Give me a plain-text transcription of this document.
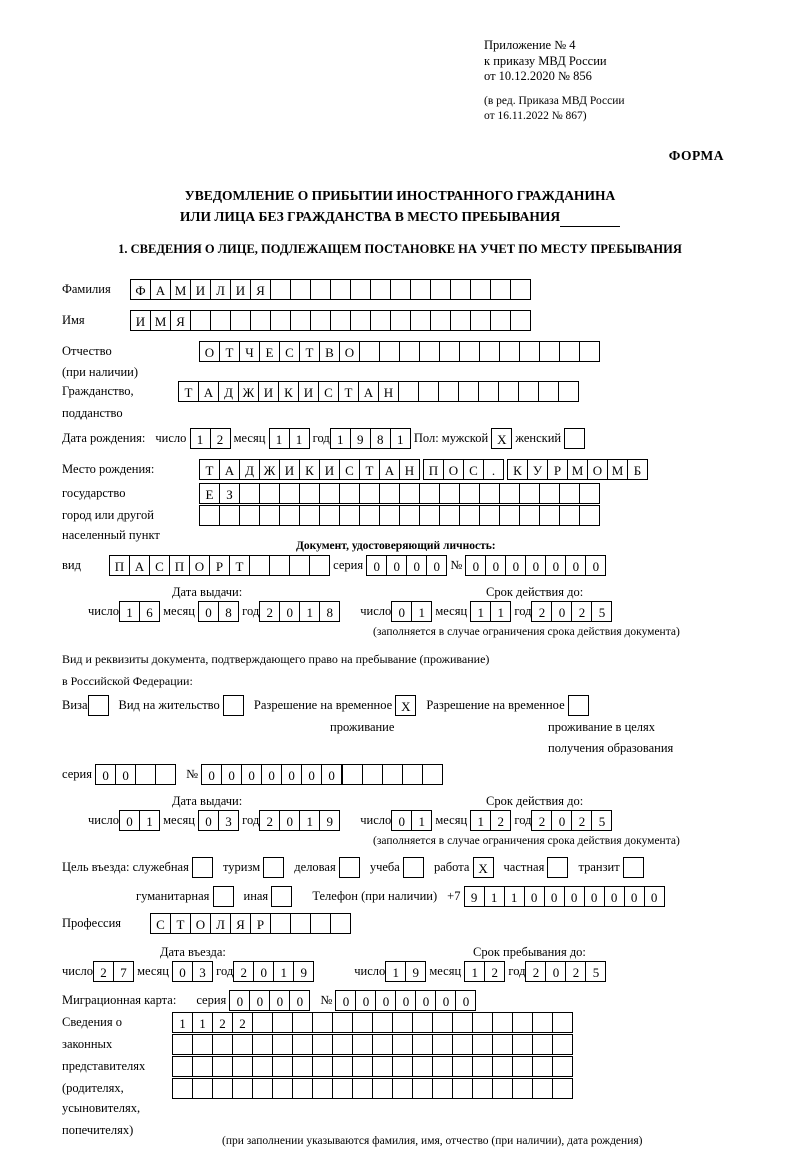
Приложение № 4
к приказу МВД России
от 10.12.2020 № 856
(в ред. Приказа МВД России
от 16.11.2022 № 867)
ФОРМА
УВЕДОМЛЕНИЕ О ПРИБЫТИИ ИНОСТРАННОГО ГРАЖДАНИНА
ИЛИ ЛИЦА БЕЗ ГРАЖДАНСТВА В МЕСТО ПРЕБЫВАНИЯ
1. СВЕДЕНИЯ О ЛИЦЕ, ПОДЛЕЖАЩЕМ ПОСТАНОВКЕ НА УЧЕТ ПО МЕСТУ ПРЕБЫВАНИЯ
Фамилия Ф А М И Л И Я
Имя	И М Я
Отчество	О Т Ч Е С Т В О
(при наличии)
Гражданство,	Т А Д Ж И К И С Т А Н
подданство
Дата рождения: число 1 2 месяц 1 1 год 1 9 8 1 Пол: мужской X женский
Место рождения:	Т А Д Ж И К И С Т А Н П О С . К У Р М О М Б
государство	Е З
город или другой
населенный пункт
Документ, удостоверяющий личность:
вид	П А С П О Р Т	серия 0 0 0 0 № 0 0 0 0 0 0 0
Дата выдачи:	Срок действия до:
число 1 6 месяц 0 8 год 2 0 1 8 число 0 1 месяц 1 1 год 2 0 2 5
(заполняется в случае ограничения срока действия документа)
Вид и реквизиты документа, подтверждающего право на пребывание (проживание)
в Российской Федерации:
Виза Вид на жительство	Разрешение на временное X Разрешение на временное
проживание	проживание в целях
получения образования
серия 0 0	№ 0 0 0 0 0 0 0
Дата выдачи:	Срок действия до:
число 0 1 месяц 0 3 год 2 0 1 9 число 0 1 месяц 1 2 год 2 0 2 5
(заполняется в случае ограничения срока действия документа)
Цель въезда: служебная	туризм	деловая	учеба	работа X частная	транзит
гуманитарная	иная	Телефон (при наличии) +7 9 1 1 0 0 0 0 0 0 0
Профессия	С Т О Л Я Р
Дата въезда:	Срок пребывания до:
число 2 7 месяц 0 3 год 2 0 1 9	число 1 9 месяц 1 2 год 2 0 2 5
Миграционная карта: серия 0 0 0 0 № 0 0 0 0 0 0 0
Сведения о	1 1 2 2
законных
представителях
(родителях,
усыновителях,
попечителях)
(при заполнении указываются фамилия, имя, отчество (при наличии), дата рождения)
